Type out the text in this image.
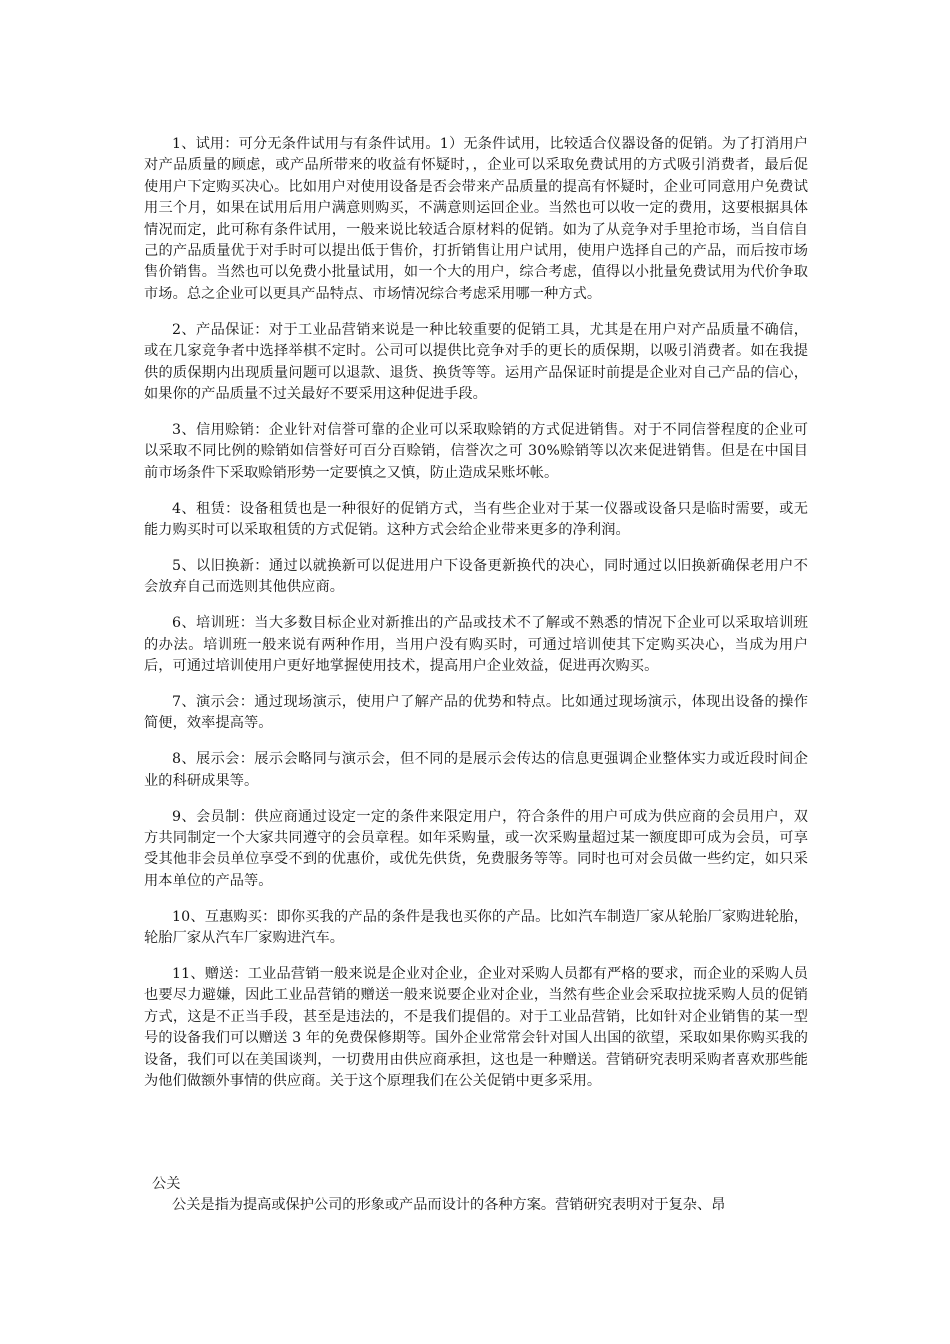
1、试用：可分无条件试用与有条件试用。1）无条件试用，比较适合仪器设备的促销。为了打消用户对产品质量的顾虑，或产品所带来的收益有怀疑时，，企业可以采取免费试用的方式吸引消费者，最后促使用户下定购买决心。比如用户对使用设备是否会带来产品质量的提高有怀疑时，企业可同意用户免费试用三个月，如果在试用后用户满意则购买，不满意则运回企业。当然也可以收一定的费用，这要根据具体情况而定，此可称有条件试用，一般来说比较适合原材料的促销。如为了从竞争对手里抢市场，当自信自己的产品质量优于对手时可以提出低于售价，打折销售让用户试用，使用户选择自己的产品，而后按市场售价销售。当然也可以免费小批量试用，如一个大的用户，综合考虑，值得以小批量免费试用为代价争取市场。总之企业可以更具产品特点、市场情况综合考虑采用哪一种方式。

2、产品保证：对于工业品营销来说是一种比较重要的促销工具，尤其是在用户对产品质量不确信，或在几家竞争者中选择举棋不定时。公司可以提供比竞争对手的更长的质保期，以吸引消费者。如在我提供的质保期内出现质量问题可以退款、退货、换货等等。运用产品保证时前提是企业对自己产品的信心，如果你的产品质量不过关最好不要采用这种促进手段。

3、信用赊销：企业针对信誉可靠的企业可以采取赊销的方式促进销售。对于不同信誉程度的企业可以采取不同比例的赊销如信誉好可百分百赊销，信誉次之可 30%赊销等以次来促进销售。但是在中国目前市场条件下采取赊销形势一定要慎之又慎，防止造成呆账坏帐。

4、租赁：设备租赁也是一种很好的促销方式，当有些企业对于某一仪器或设备只是临时需要，或无能力购买时可以采取租赁的方式促销。这种方式会给企业带来更多的净利润。

5、以旧换新：通过以就换新可以促进用户下设备更新换代的决心，同时通过以旧换新确保老用户不会放弃自己而选则其他供应商。

6、培训班：当大多数目标企业对新推出的产品或技术不了解或不熟悉的情况下企业可以采取培训班的办法。培训班一般来说有两种作用，当用户没有购买时，可通过培训使其下定购买决心，当成为用户后，可通过培训使用户更好地掌握使用技术，提高用户企业效益，促进再次购买。

7、演示会：通过现场演示，使用户了解产品的优势和特点。比如通过现场演示，体现出设备的操作简便，效率提高等。

8、展示会：展示会略同与演示会，但不同的是展示会传达的信息更强调企业整体实力或近段时间企业的科研成果等。

9、会员制：供应商通过设定一定的条件来限定用户，符合条件的用户可成为供应商的会员用户，双方共同制定一个大家共同遵守的会员章程。如年采购量，或一次采购量超过某一额度即可成为会员，可享受其他非会员单位享受不到的优惠价，或优先供货，免费服务等等。同时也可对会员做一些约定，如只采用本单位的产品等。

10、互惠购买：即你买我的产品的条件是我也买你的产品。比如汽车制造厂家从轮胎厂家购进轮胎，轮胎厂家从汽车厂家购进汽车。

11、赠送：工业品营销一般来说是企业对企业，企业对采购人员都有严格的要求，而企业的采购人员也要尽力避嫌，因此工业品营销的赠送一般来说要企业对企业，当然有些企业会采取拉拢采购人员的促销方式，这是不正当手段，甚至是违法的，不是我们提倡的。对于工业品营销，比如针对企业销售的某一型号的设备我们可以赠送 3 年的免费保修期等。国外企业常常会针对国人出国的欲望，采取如果你购买我的设备，我们可以在美国谈判，一切费用由供应商承担，这也是一种赠送。营销研究表明采购者喜欢那些能为他们做额外事情的供应商。关于这个原理我们在公关促销中更多采用。

公关

公关是指为提高或保护公司的形象或产品而设计的各种方案。营销研究表明对于复杂、昂
